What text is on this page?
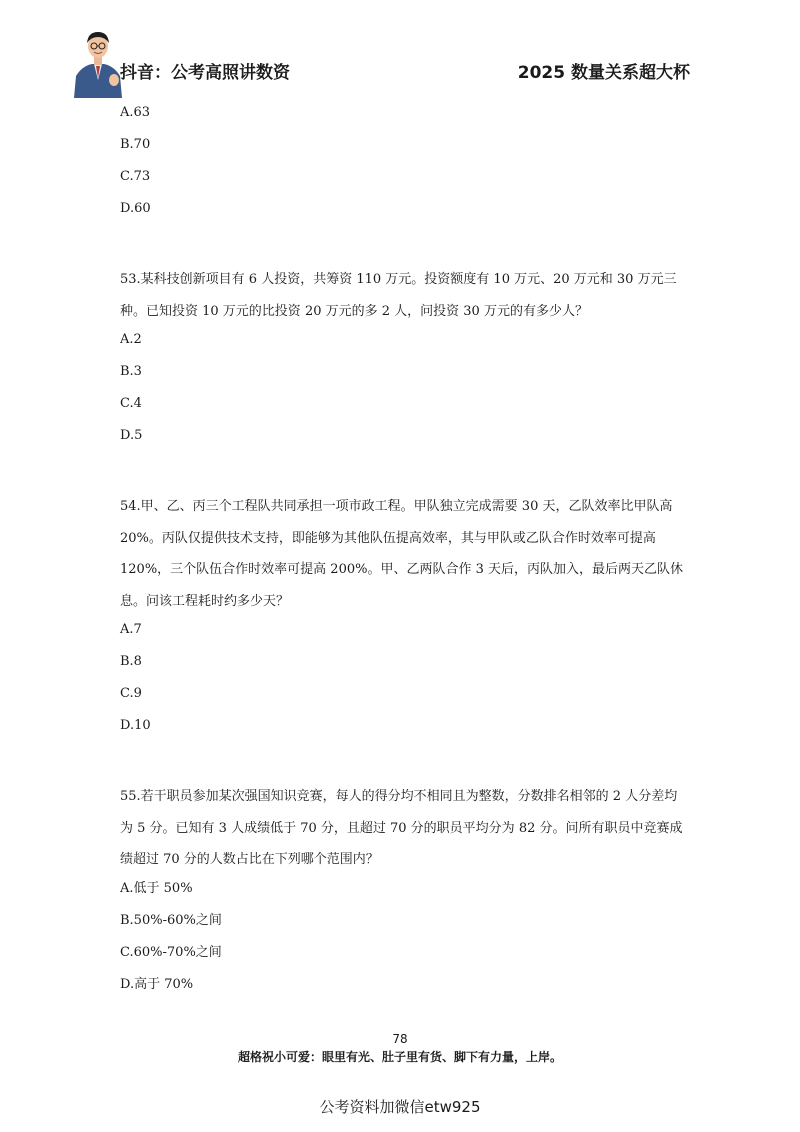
抖音：公考高照讲数资	2025 数量关系超大杯
A.63
B.70
C.73
D.60

53.某科技创新项目有 6 人投资，共筹资 110 万元。投资额度有 10 万元、20 万元和 30 万元三种。已知投资 10 万元的比投资 20 万元的多 2 人，问投资 30 万元的有多少人？

A.2
B.3
C.4
D.5

54.甲、乙、丙三个工程队共同承担一项市政工程。甲队独立完成需要 30 天，乙队效率比甲队高 20%。丙队仅提供技术支持，即能够为其他队伍提高效率，其与甲队或乙队合作时效率可提高 120%，三个队伍合作时效率可提高 200%。甲、乙两队合作 3 天后，丙队加入，最后两天乙队休息。问该工程耗时约多少天？

A.7
B.8
C.9
D.10

55.若干职员参加某次强国知识竞赛，每人的得分均不相同且为整数，分数排名相邻的 2 人分差均为 5 分。已知有 3 人成绩低于 70 分，且超过 70 分的职员平均分为 82 分。问所有职员中竞赛成绩超过 70 分的人数占比在下列哪个范围内？

A.低于 50%
B.50%-60%之间
C.60%-70%之间
D.高于 70%
78
超格祝小可爱：眼里有光、肚子里有货、脚下有力量，上岸。
公考资料加微信etw925
